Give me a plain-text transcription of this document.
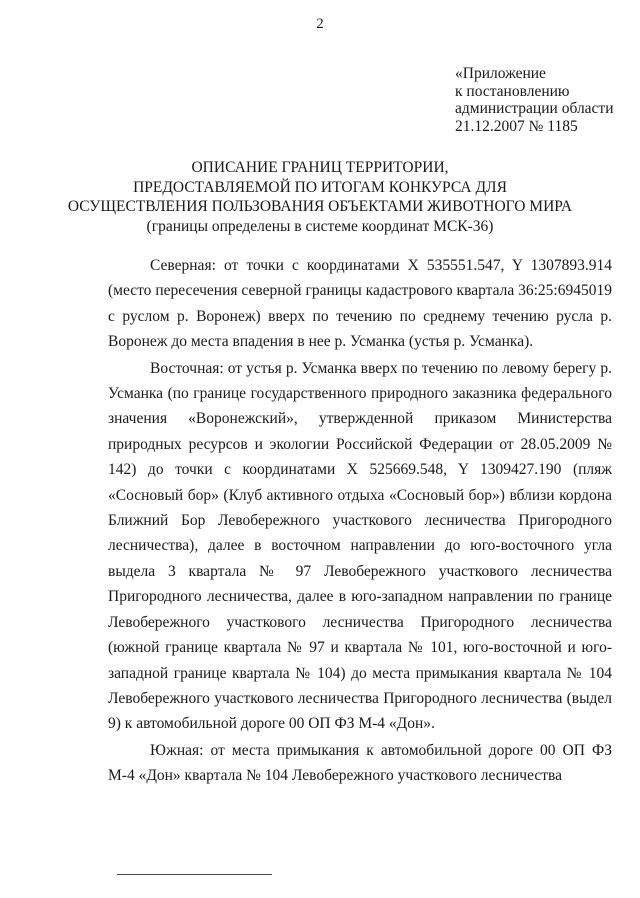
2
«Приложение
к постановлению
администрации области
21.12.2007 № 1185
ОПИСАНИЕ ГРАНИЦ ТЕРРИТОРИИ,
ПРЕДОСТАВЛЯЕМОЙ ПО ИТОГАМ КОНКУРСА ДЛЯ
ОСУЩЕСТВЛЕНИЯ ПОЛЬЗОВАНИЯ ОБЪЕКТАМИ ЖИВОТНОГО МИРА
(границы определены в системе координат МСК-36)

Северная: от точки с координатами X 535551.547, Y 1307893.914 (место пересечения северной границы кадастрового квартала 36:25:6945019 с руслом р. Воронеж) вверх по течению по среднему течению русла р. Воронеж до места впадения в нее р. Усманка (устья р. Усманка).

Восточная: от устья р. Усманка вверх по течению по левому берегу р. Усманка (по границе государственного природного заказника федерального значения «Воронежский», утвержденной приказом Министерства природных ресурсов и экологии Российской Федерации от 28.05.2009 № 142) до точки с координатами X 525669.548, Y 1309427.190 (пляж «Сосновый бор» (Клуб активного отдыха «Сосновый бор») вблизи кордона Ближний Бор Левобережного участкового лесничества Пригородного лесничества), далее в восточном направлении до юго-восточного угла выдела 3 квартала № 97 Левобережного участкового лесничества Пригородного лесничества, далее в юго-западном направлении по границе Левобережного участкового лесничества Пригородного лесничества (южной границе квартала № 97 и квартала № 101, юго-восточной и юго-западной границе квартала № 104) до места примыкания квартала № 104 Левобережного участкового лесничества Пригородного лесничества (выдел 9) к автомобильной дороге 00 ОП ФЗ М-4 «Дон».

Южная: от места примыкания к автомобильной дороге 00 ОП ФЗ М-4 «Дон» квартала № 104 Левобережного участкового лесничества
